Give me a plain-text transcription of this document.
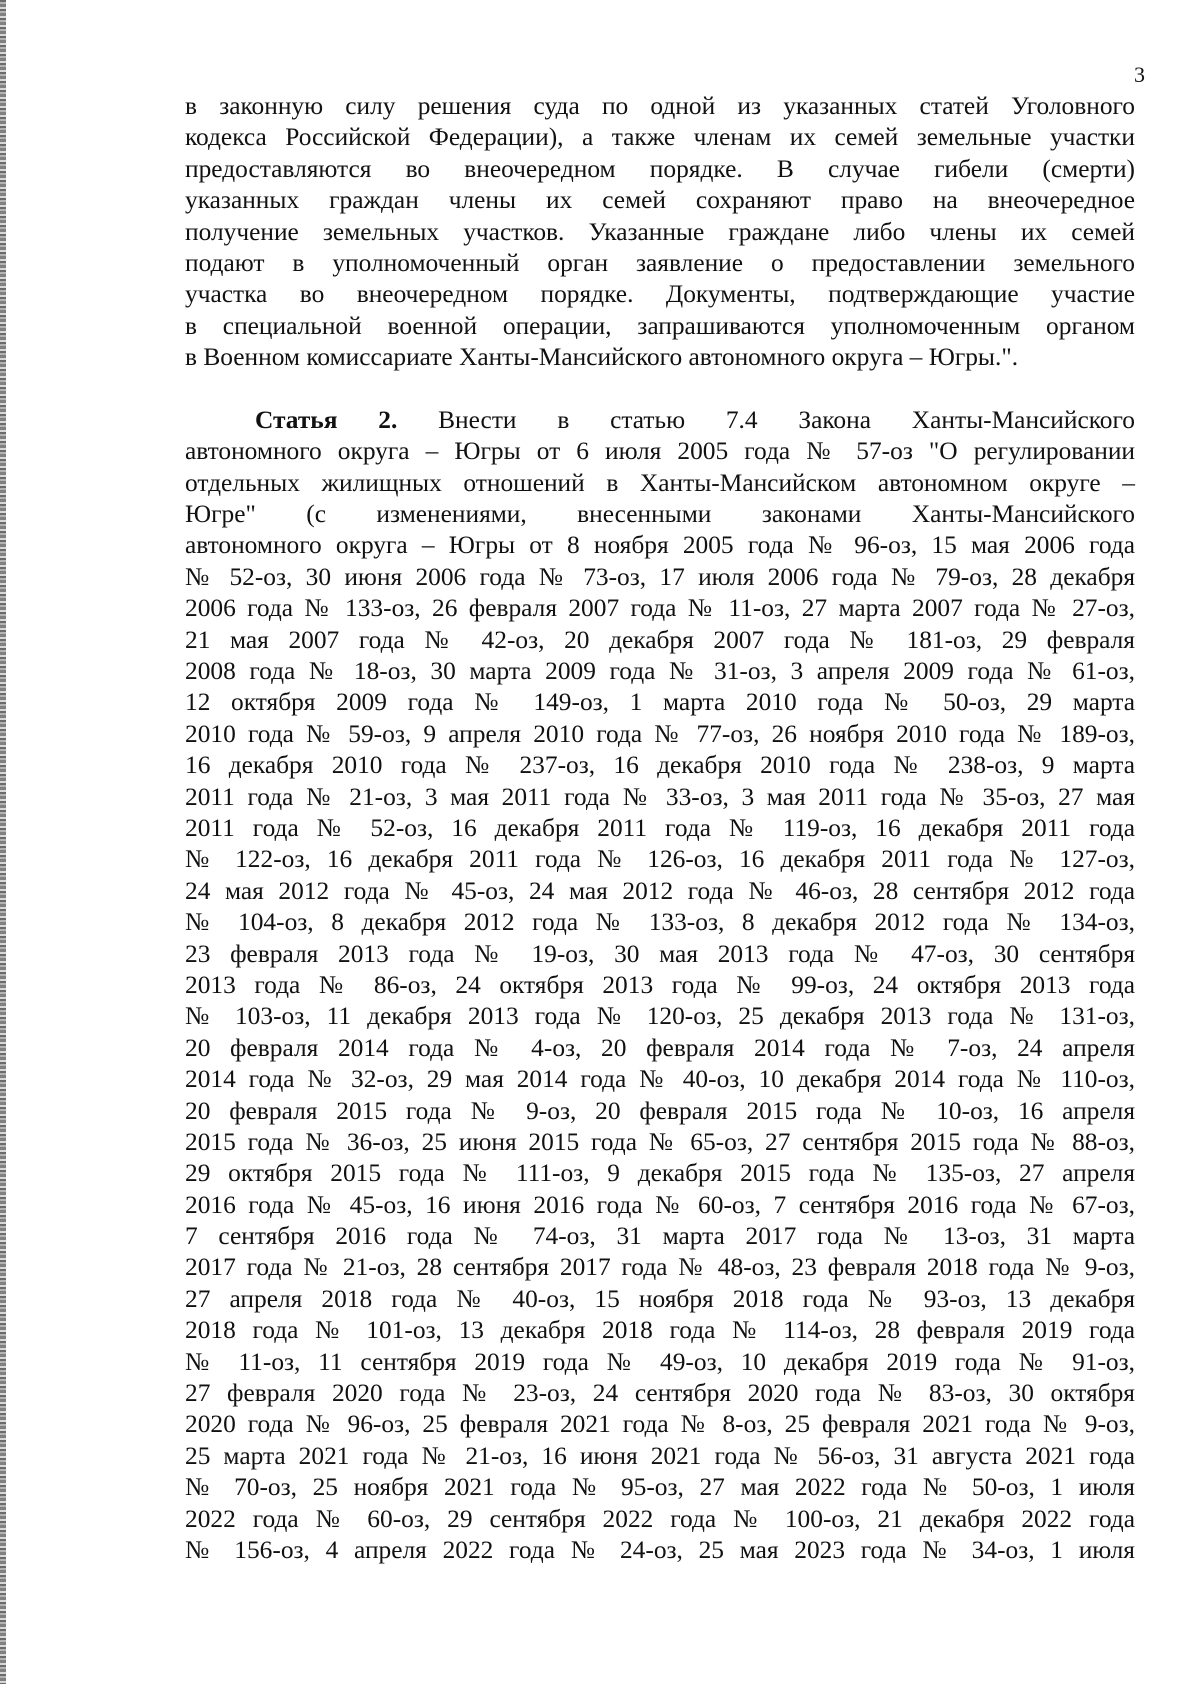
3
в законную силу решения суда по одной из указанных статей Уголовного
кодекса Российской Федерации), а также членам их семей земельные участки
предоставляются во внеочередном порядке. В случае гибели (смерти)
указанных граждан члены их семей сохраняют право на внеочередное
получение земельных участков. Указанные граждане либо члены их семей
подают в уполномоченный орган заявление о предоставлении земельного
участка во внеочередном порядке. Документы, подтверждающие участие
в специальной военной операции, запрашиваются уполномоченным органом
в Военном комиссариате Ханты-Мансийского автономного округа – Югры.".
Статья 2. Внести в статью 7.4 Закона Ханты-Мансийского
автономного округа – Югры от 6 июля 2005 года № 57-оз "О регулировании
отдельных жилищных отношений в Ханты-Мансийском автономном округе –
Югре" (с изменениями, внесенными законами Ханты-Мансийского
автономного округа – Югры от 8 ноября 2005 года № 96-оз, 15 мая 2006 года
№ 52-оз, 30 июня 2006 года № 73-оз, 17 июля 2006 года № 79-оз, 28 декабря
2006 года № 133-оз, 26 февраля 2007 года № 11-оз, 27 марта 2007 года № 27-оз,
21 мая 2007 года № 42-оз, 20 декабря 2007 года № 181-оз, 29 февраля
2008 года № 18-оз, 30 марта 2009 года № 31-оз, 3 апреля 2009 года № 61-оз,
12 октября 2009 года № 149-оз, 1 марта 2010 года № 50-оз, 29 марта
2010 года № 59-оз, 9 апреля 2010 года № 77-оз, 26 ноября 2010 года № 189-оз,
16 декабря 2010 года № 237-оз, 16 декабря 2010 года № 238-оз, 9 марта
2011 года № 21-оз, 3 мая 2011 года № 33-оз, 3 мая 2011 года № 35-оз, 27 мая
2011 года № 52-оз, 16 декабря 2011 года № 119-оз, 16 декабря 2011 года
№ 122-оз, 16 декабря 2011 года № 126-оз, 16 декабря 2011 года № 127-оз,
24 мая 2012 года № 45-оз, 24 мая 2012 года № 46-оз, 28 сентября 2012 года
№ 104-оз, 8 декабря 2012 года № 133-оз, 8 декабря 2012 года № 134-оз,
23 февраля 2013 года № 19-оз, 30 мая 2013 года № 47-оз, 30 сентября
2013 года № 86-оз, 24 октября 2013 года № 99-оз, 24 октября 2013 года
№ 103-оз, 11 декабря 2013 года № 120-оз, 25 декабря 2013 года № 131-оз,
20 февраля 2014 года № 4-оз, 20 февраля 2014 года № 7-оз, 24 апреля
2014 года № 32-оз, 29 мая 2014 года № 40-оз, 10 декабря 2014 года № 110-оз,
20 февраля 2015 года № 9-оз, 20 февраля 2015 года № 10-оз, 16 апреля
2015 года № 36-оз, 25 июня 2015 года № 65-оз, 27 сентября 2015 года № 88-оз,
29 октября 2015 года № 111-оз, 9 декабря 2015 года № 135-оз, 27 апреля
2016 года № 45-оз, 16 июня 2016 года № 60-оз, 7 сентября 2016 года № 67-оз,
7 сентября 2016 года № 74-оз, 31 марта 2017 года № 13-оз, 31 марта
2017 года № 21-оз, 28 сентября 2017 года № 48-оз, 23 февраля 2018 года № 9-оз,
27 апреля 2018 года № 40-оз, 15 ноября 2018 года № 93-оз, 13 декабря
2018 года № 101-оз, 13 декабря 2018 года № 114-оз, 28 февраля 2019 года
№ 11-оз, 11 сентября 2019 года № 49-оз, 10 декабря 2019 года № 91-оз,
27 февраля 2020 года № 23-оз, 24 сентября 2020 года № 83-оз, 30 октября
2020 года № 96-оз, 25 февраля 2021 года № 8-оз, 25 февраля 2021 года № 9-оз,
25 марта 2021 года № 21-оз, 16 июня 2021 года № 56-оз, 31 августа 2021 года
№ 70-оз, 25 ноября 2021 года № 95-оз, 27 мая 2022 года № 50-оз, 1 июля
2022 года № 60-оз, 29 сентября 2022 года № 100-оз, 21 декабря 2022 года
№ 156-оз, 4 апреля 2022 года № 24-оз, 25 мая 2023 года № 34-оз, 1 июля
